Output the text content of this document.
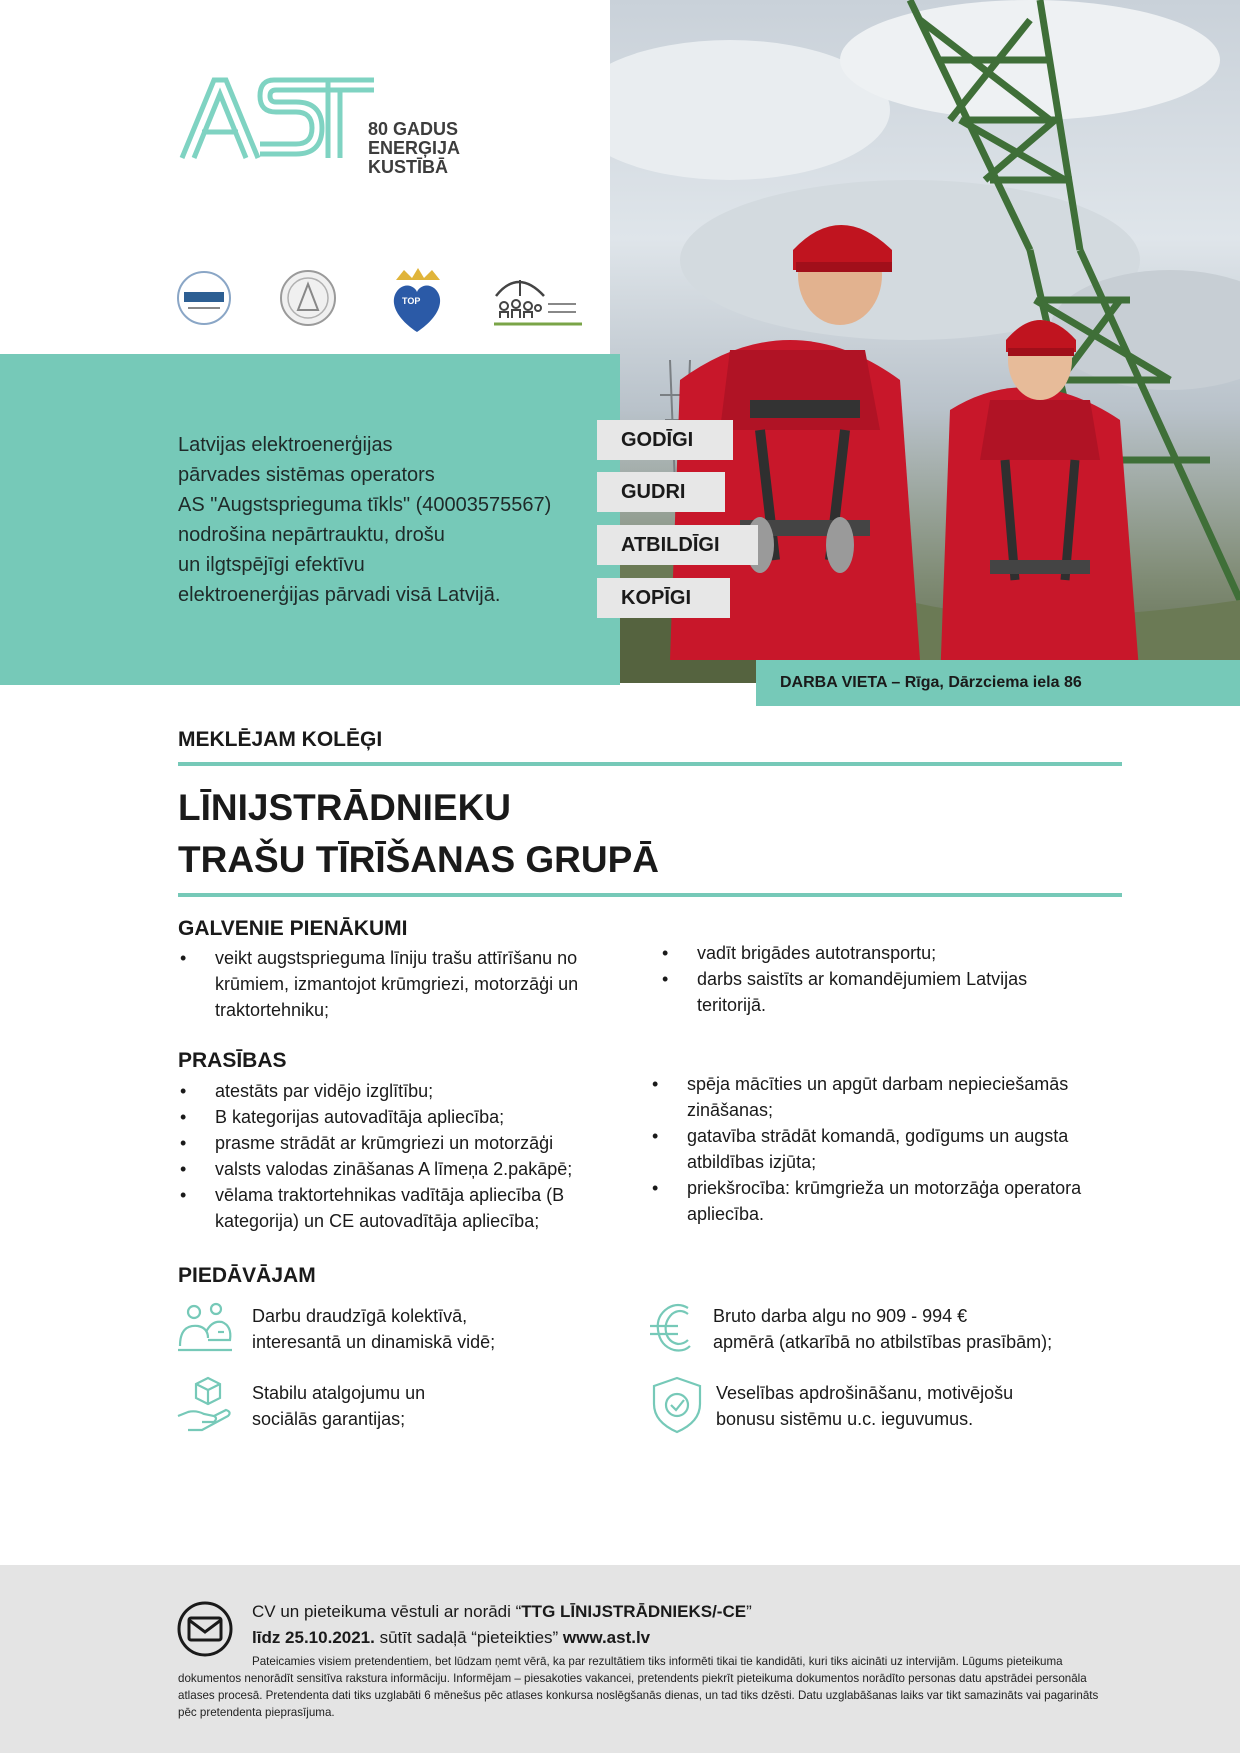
80 GADUS
ENERĢIJA
KUSTĪBĀ
TOP
Latvijas elektroenerģijas
pārvades sistēmas operators
AS "Augstsprieguma tīkls" (40003575567)
nodrošina nepārtrauktu, drošu
un ilgtspējīgi efektīvu
elektroenerģijas pārvadi visā Latvijā.
GODĪGI
GUDRI
ATBILDĪGI
KOPĪGI
DARBA VIETA – Rīga, Dārzciema iela 86
MEKLĒJAM KOLĒĢI
LĪNIJSTRĀDNIEKU
TRAŠU TĪRĪŠANAS GRUPĀ
GALVENIE PIENĀKUMI
• veikt augstsprieguma līniju trašu attīrīšanu no
krūmiem, izmantojot krūmgriezi, motorzāģi un
traktortehniku;
• vadīt brigādes autotransportu;
• darbs saistīts ar komandējumiem Latvijas
teritorijā.
PRASĪBAS
• atestāts par vidējo izglītību;
• B kategorijas autovadītāja apliecība;
• prasme strādāt ar krūmgriezi un motorzāģi
• valsts valodas zināšanas A līmeņa 2.pakāpē;
• vēlama traktortehnikas vadītāja apliecība (B
kategorija) un CE autovadītāja apliecība;
• spēja mācīties un apgūt darbam nepieciešamās
zināšanas;
• gatavība strādāt komandā, godīgums un augsta
atbildības izjūta;
• priekšrocība: krūmgrieža un motorzāģa operatora
apliecība.
PIEDĀVĀJAM
Darbu draudzīgā kolektīvā,
interesantā un dinamiskā vidē;
Bruto darba algu no 909 - 994 €
apmērā (atkarībā no atbilstības prasībām);
Stabilu atalgojumu un
sociālās garantijas;
Veselības apdrošināšanu, motivējošu
bonusu sistēmu u.c. ieguvumus.
CV un pieteikuma vēstuli ar norādi “TTG LĪNIJSTRĀDNIEKS/-CE”
līdz 25.10.2021. sūtīt sadaļā “pieteikties” www.ast.lv

Pateicamies visiem pretendentiem, bet lūdzam ņemt vērā, ka par rezultātiem tiks informēti tikai tie kandidāti, kuri tiks aicināti uz intervijām. Lūgums pieteikuma dokumentos nenorādīt sensitīva rakstura informāciju. Informējam – piesakoties vakancei, pretendents piekrīt pieteikuma dokumentos norādīto personas datu apstrādei personāla atlases procesā. Pretendenta dati tiks uzglabāti 6 mēnešus pēc atlases konkursa noslēgšanās dienas, un tad tiks dzēsti. Datu uzglabāšanas laiks var tikt samazināts vai pagarināts pēc pretendenta pieprasījuma.
